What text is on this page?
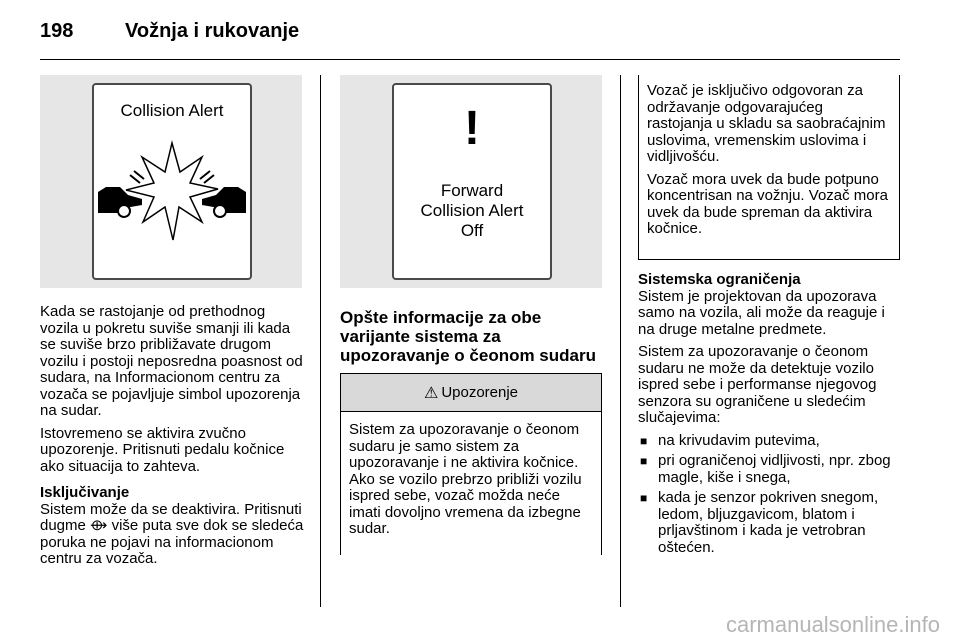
198	Vožnja i rukovanje
Collision Alert	!
Forward
Collision Alert
Off

Kada se rastojanje od prethodnog vozila u pokretu suviše smanji ili kada se suviše brzo približavate drugom vozilu i postoji neposredna poasnost od sudara, na Informacionom centru za vozača se pojavljuje simbol upozorenja na sudar.

Istovremeno se aktivira zvučno upozorenje. Pritisnuti pedalu kočnice ako situacija to zahteva.

Isključivanje

Sistem može da se deaktivira. Pritisnuti dugme ⟴ više puta sve dok se sledeća poruka ne pojavi na informacionom centru za vozača.

Opšte informacije za obe varijante sistema za upozoravanje o čeonom sudaru
⚠ Upozorenje
Sistem za upozoravanje o čeonom sudaru je samo sistem za upozoravanje i ne aktivira kočnice. Ako se vozilo prebrzo približi vozilu ispred sebe, vozač možda neće imati dovoljno vremena da izbegne sudar.

Vozač je isključivo odgovoran za održavanje odgovarajućeg rastojanja u skladu sa saobraćajnim uslovima, vremenskim uslovima i vidljivošću.

Vozač mora uvek da bude potpuno koncentrisan na vožnju. Vozač mora uvek da bude spreman da aktivira kočnice.

Sistemska ograničenja

Sistem je projektovan da upozorava samo na vozila, ali može da reaguje i na druge metalne predmete.

Sistem za upozoravanje o čeonom sudaru ne može da detektuje vozilo ispred sebe i performanse njegovog senzora su ograničene u sledećim slučajevima:

■ na krivudavim putevima,
■ pri ograničenoj vidljivosti, npr. zbog magle, kiše i snega,
■ kada je senzor pokriven snegom, ledom, bljuzgavicom, blatom i prljavštinom i kada je vetrobran oštećen.
carmanualsonline.info
